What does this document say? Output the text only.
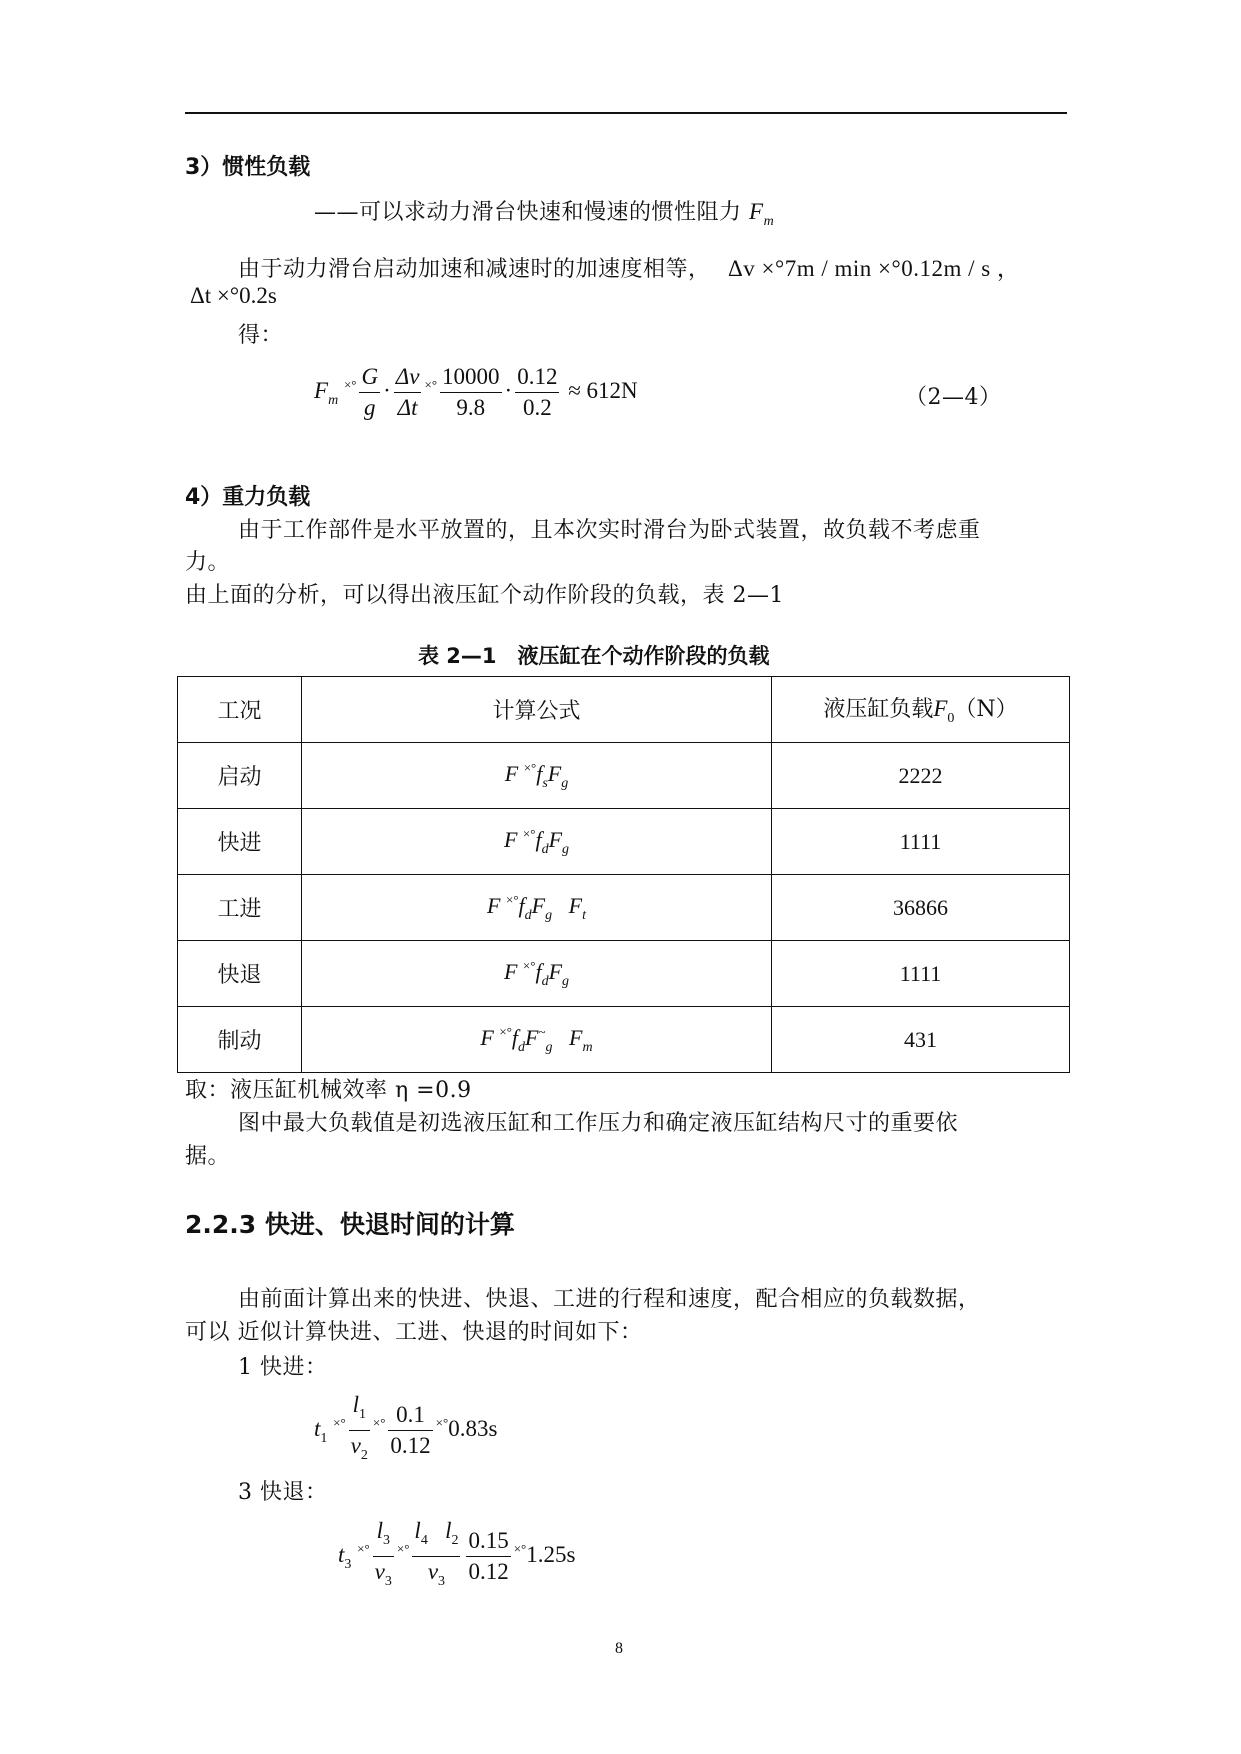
3）惯性负载
——可以求动力滑台快速和慢速的惯性阻力 $F_m$
由于动力滑台启动加速和减速时的加速度相等， Δv ×°7m / min ×°0.12m / s ，
Δt ×°0.2s
得：
$F_m$ $^{\times^\circ} \frac{G}{g} \cdot \frac{\Delta v}{\Delta t} ^{\times^\circ} \frac{10000}{9.8} \cdot \frac{0.12}{0.2} \approx 612N$	（2—4）
4）重力负载
由于工作部件是水平放置的，且本次实时滑台为卧式装置，故负载不考虑重
力。
由上面的分析，可以得出液压缸个动作阶段的负载，表 2—1
表 2—1　液压缸在个动作阶段的负载
工况	计算公式	液压缸负载$F_0(N)$
启动	F $^{\times^\circ}f_sF_g$	2222
快进	F $^{\times^\circ}f_dF_g$	1111
工进	F $^{\times^\circ}f_dF_g$ $F_t$	36866
快退	F $^{\times^\circ}f_dF_g$	1111
制动	F $^{\times^\circ}f_dF^\sim_g$ $F_m$	431
取：液压缸机械效率 η =0.9
图中最大负载值是初选液压缸和工作压力和确定液压缸结构尺寸的重要依
据。
2.2.3 快进、快退时间的计算
由前面计算出来的快进、快退、工进的行程和速度，配合相应的负载数据，
可以 近似计算快进、工进、快退的时间如下：
1 快进：
$t_1$ $^{\times^\circ} \frac{l_1}{v_2} ^{\times^\circ} \frac{0.1}{0.12} ^{\times^\circ}0.83s$
3 快退：
$t_3$ $^{\times^\circ} \frac{l_3}{v_3} ^{\times^\circ} \frac{l_4 l_2}{v_3} \frac{0.15}{0.12} ^{\times^\circ}1.25s$
8
